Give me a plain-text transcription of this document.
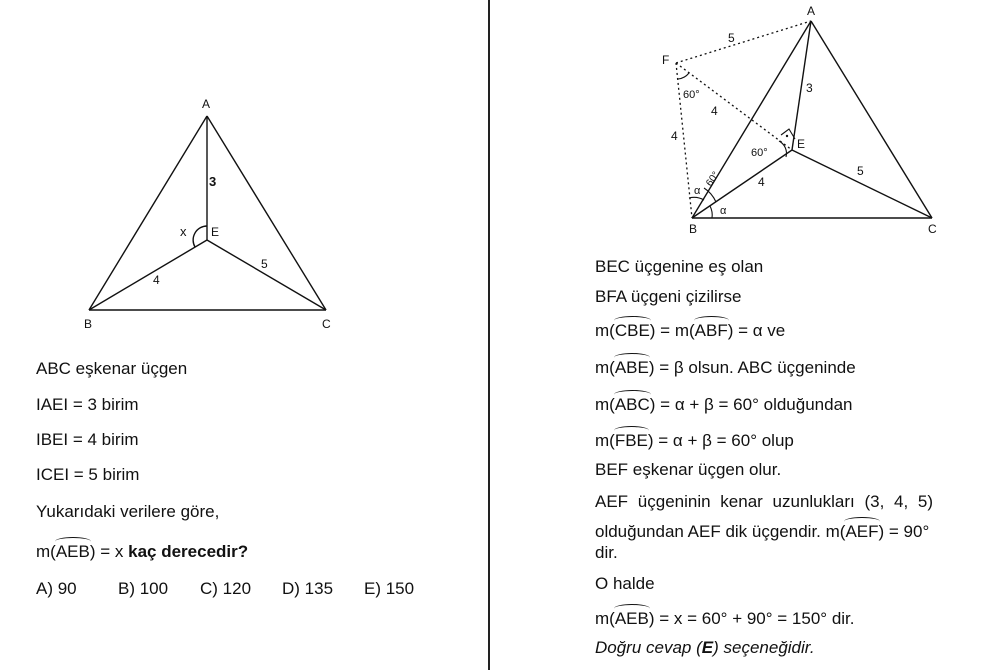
A
B	C
E
3
4
5
x
ABC eşkenar üçgen
IAEI = 3 birim
IBEI = 4 birim
ICEI = 5 birim
Yukarıdaki verilere göre,
m(AEB) = x kaç derecedir?
A) 90 B) 100 C) 120 D) 135 E) 150
A
B	C
E
F
5
4
4
3
4
5
60°
60°
60°
α
α
BEC üçgenine eş olan
BFA üçgeni çizilirse
m(CBE) = m(ABF) = α ve
m(ABE) = β olsun. ABC üçgeninde
m(ABC) = α + β = 60° olduğundan
m(FBE) = α + β = 60° olup
BEF eşkenar üçgen olur.
AEF üçgeninin kenar uzunlukları (3, 4, 5)
olduğundan AEF dik üçgendir. m(AEF) = 90°
dir.
O halde
m(AEB) = x = 60° + 90° = 150° dir.
Doğru cevap (E) seçeneğidir.
